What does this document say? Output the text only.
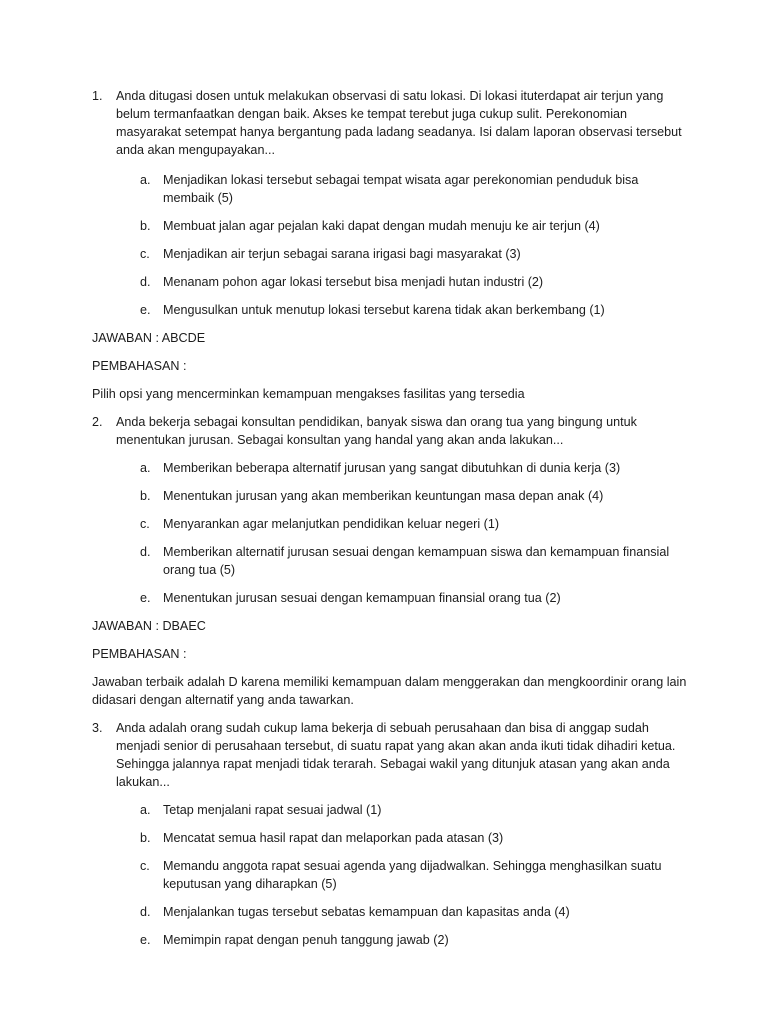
1. Anda ditugasi dosen untuk melakukan observasi di satu lokasi. Di lokasi ituterdapat air terjun yang belum termanfaatkan dengan baik. Akses ke tempat terebut juga cukup sulit. Perekonomian masyarakat setempat hanya bergantung pada ladang seadanya. Isi dalam laporan observasi tersebut anda akan mengupayakan...

a. Menjadikan lokasi tersebut sebagai tempat wisata agar perekonomian penduduk bisa membaik (5)
b. Membuat jalan agar pejalan kaki dapat dengan mudah menuju ke air terjun (4)
c. Menjadikan air terjun sebagai sarana irigasi bagi masyarakat (3)
d. Menanam pohon agar lokasi tersebut bisa menjadi hutan industri (2)
e. Mengusulkan untuk menutup lokasi tersebut karena tidak akan berkembang (1)
JAWABAN : ABCDE
PEMBAHASAN :
Pilih opsi yang mencerminkan kemampuan mengakses fasilitas yang tersedia
2. Anda bekerja sebagai konsultan pendidikan, banyak siswa dan orang tua yang bingung untuk menentukan jurusan. Sebagai konsultan yang handal yang akan anda lakukan...

a. Memberikan beberapa alternatif jurusan yang sangat dibutuhkan di dunia kerja (3)
b. Menentukan jurusan yang akan memberikan keuntungan masa depan anak (4)
c. Menyarankan agar melanjutkan pendidikan keluar negeri (1)
d. Memberikan alternatif jurusan sesuai dengan kemampuan siswa dan kemampuan finansial orang tua (5)
e. Menentukan jurusan sesuai dengan kemampuan finansial orang tua (2)
JAWABAN : DBAEC
PEMBAHASAN :
Jawaban terbaik adalah D karena memiliki kemampuan dalam menggerakan dan mengkoordinir orang lain didasari dengan alternatif yang anda tawarkan.
3. Anda adalah orang sudah cukup lama bekerja di sebuah perusahaan dan bisa di anggap sudah menjadi senior di perusahaan tersebut, di suatu rapat yang akan akan anda ikuti tidak dihadiri ketua. Sehingga jalannya rapat menjadi tidak terarah. Sebagai wakil yang ditunjuk atasan yang akan anda lakukan...

a. Tetap menjalani rapat sesuai jadwal (1)
b. Mencatat semua hasil rapat dan melaporkan pada atasan (3)
c. Memandu anggota rapat sesuai agenda yang dijadwalkan. Sehingga menghasilkan suatu keputusan yang diharapkan (5)
d. Menjalankan tugas tersebut sebatas kemampuan dan kapasitas anda (4)
e. Memimpin rapat dengan penuh tanggung jawab (2)
